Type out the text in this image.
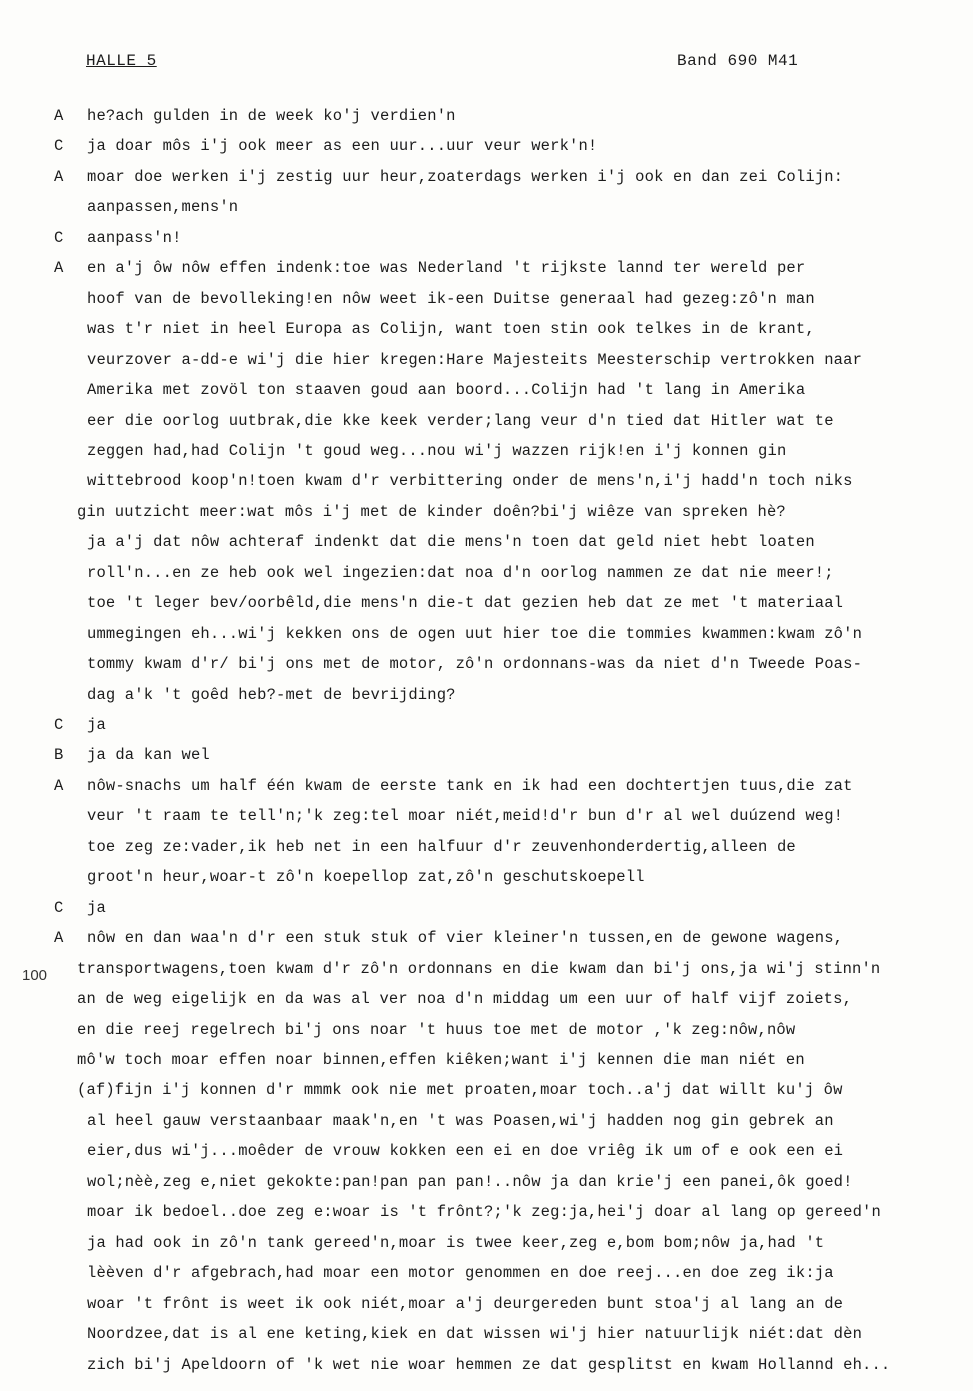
HALLE 5	Band 690 M41
100
A	he?ach gulden in de week ko'j verdien'n
C	ja doar môs i'j ook meer as een uur...uur veur werk'n!
A	moar doe werken i'j zestig uur heur,zoaterdags werken i'j ook en dan zei Colijn:
aanpassen,mens'n
C	aanpass'n!
A	en a'j ôw nôw effen indenk:toe was Nederland 't rijkste lannd ter wereld per
hoof van de bevolleking!en nôw weet ik-een Duitse generaal had gezeg:zô'n man
was t'r niet in heel Europa as Colijn, want toen stin ook telkes in de krant,
veurzover a-dd-e wi'j die hier kregen:Hare Majesteits Meesterschip vertrokken naar
Amerika met zovöl ton staaven goud aan boord...Colijn had 't lang in Amerika
eer die oorlog uutbrak,die kke keek verder;lang veur d'n tied dat Hitler wat te
zeggen had,had Colijn 't goud weg...nou wi'j wazzen rijk!en i'j konnen gin
wittebrood koop'n!toen kwam d'r verbittering onder de mens'n,i'j hadd'n toch niks
gin uutzicht meer:wat môs i'j met de kinder doên?bi'j wiêze van spreken hè?
ja a'j dat nôw achteraf indenkt dat die mens'n toen dat geld niet hebt loaten
roll'n...en ze heb ook wel ingezien:dat noa d'n oorlog nammen ze dat nie meer!;
toe 't leger bev/oorbêld,die mens'n die-t dat gezien heb dat ze met 't materiaal
ummegingen eh...wi'j kekken ons de ogen uut hier toe die tommies kwammen:kwam zô'n
tommy kwam d'r/ bi'j ons met de motor, zô'n ordonnans-was da niet d'n Tweede Poas-
dag a'k 't goêd heb?-met de bevrijding?
C	ja
B	ja da kan wel
A	nôw-snachs um half één kwam de eerste tank en ik had een dochtertjen tuus,die zat
veur 't raam te tell'n;'k zeg:tel moar niét,meid!d'r bun d'r al wel duúzend weg!
toe zeg ze:vader,ik heb net in een halfuur d'r zeuvenhonderdertig,alleen de
groot'n heur,woar-t zô'n koepellop zat,zô'n geschutskoepell
C	ja
A	nôw en dan waa'n d'r een stuk stuk of vier kleiner'n tussen,en de gewone wagens,
transportwagens,toen kwam d'r zô'n ordonnans en die kwam dan bi'j ons,ja wi'j stinn'n
an de weg eigelijk en da was al ver noa d'n middag um een uur of half vijf zoiets,
en die reej regelrech bi'j ons noar 't huus toe met de motor ,'k zeg:nôw,nôw
mô'w toch moar effen noar binnen,effen kiêken;want i'j kennen die man niét en
(af)fijn i'j konnen d'r mmmk ook nie met proaten,moar toch..a'j dat willt ku'j ôw
al heel gauw verstaanbaar maak'n,en 't was Poasen,wi'j hadden nog gin gebrek an
eier,dus wi'j...moêder de vrouw kokken een ei en doe vriêg ik um of e ook een ei
wol;nèè,zeg e,niet gekokte:pan!pan pan pan!..nôw ja dan krie'j een panei,ôk goed!
moar ik bedoel..doe zeg e:woar is 't frônt?;'k zeg:ja,hei'j doar al lang op gereed'n
ja had ook in zô'n tank gereed'n,moar is twee keer,zeg e,bom bom;nôw ja,had 't
lèèven d'r afgebrach,had moar een motor genommen en doe reej...en doe zeg ik:ja
woar 't frônt is weet ik ook niét,moar a'j deurgereden bunt stoa'j al lang an de
Noordzee,dat is al ene keting,kiek en dat wissen wi'j hier natuurlijk niét:dat dèn
zich bi'j Apeldoorn of 'k wet nie woar hemmen ze dat gesplitst en kwam Hollannd eh...
